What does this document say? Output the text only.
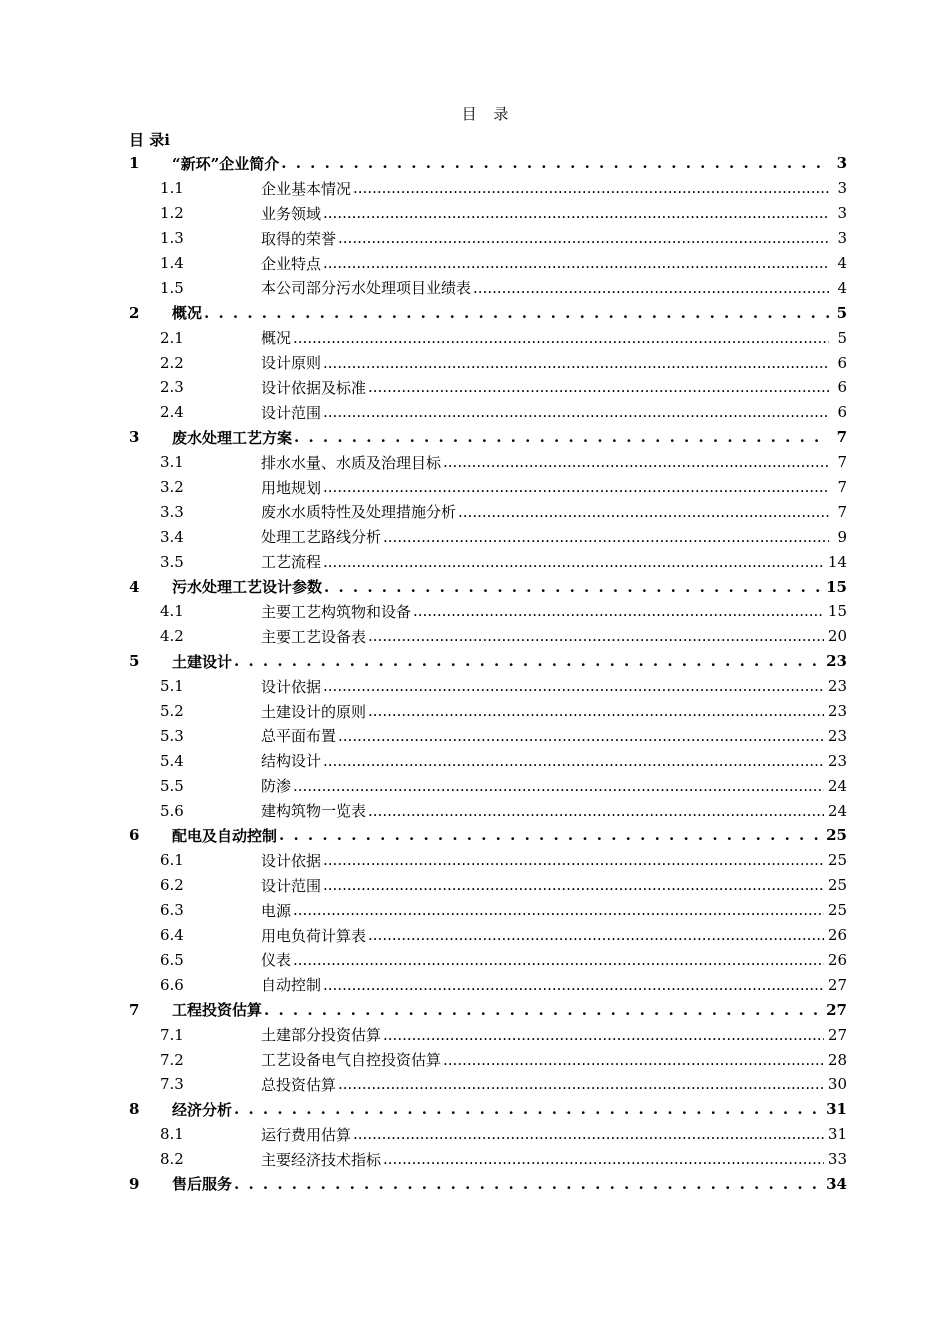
目 录
目 录i
1	“新环”企业简介 . . .	3
1.1	企业基本情况 .....	3
1.2	业务领域 .....	3
1.3	取得的荣誉 .....	3
1.4	企业特点 .....	4
1.5	本公司部分污水处理项目业绩表 .....	4
2	概况 . . .	5
2.1	概况 .....	5
2.2	设计原则 .....	6
2.3	设计依据及标准 .....	6
2.4	设计范围 .....	6
3	废水处理工艺方案 . . .	7
3.1	排水水量、水质及治理目标 .....	7
3.2	用地规划 .....	7
3.3	废水水质特性及处理措施分析 .....	7
3.4	处理工艺路线分析 .....	9
3.5	工艺流程 .....	14
4	污水处理工艺设计参数 . . .	15
4.1	主要工艺构筑物和设备 .....	15
4.2	主要工艺设备表 .....	20
5	土建设计 . . .	23
5.1	设计依据 .....	23
5.2	土建设计的原则 .....	23
5.3	总平面布置 .....	23
5.4	结构设计 .....	23
5.5	防渗 .....	24
5.6	建构筑物一览表 .....	24
6	配电及自动控制 . . .	25
6.1	设计依据 .....	25
6.2	设计范围 .....	25
6.3	电源 .....	25
6.4	用电负荷计算表 .....	26
6.5	仪表 .....	26
6.6	自动控制 .....	27
7	工程投资估算 . . .	27
7.1	土建部分投资估算 .....	27
7.2	工艺设备电气自控投资估算 .....	28
7.3	总投资估算 .....	30
8	经济分析 . . .	31
8.1	运行费用估算 .....	31
8.2	主要经济技术指标 .....	33
9	售后服务 . . .	34
